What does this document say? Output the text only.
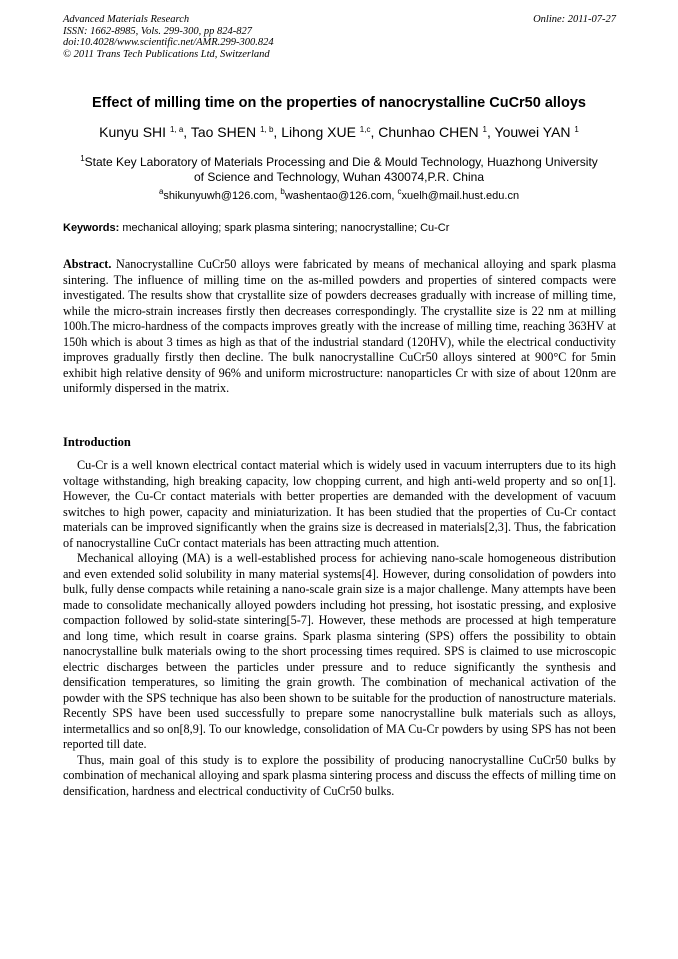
Advanced Materials Research
ISSN: 1662-8985, Vols. 299-300, pp 824-827
doi:10.4028/www.scientific.net/AMR.299-300.824
© 2011 Trans Tech Publications Ltd, Switzerland
Online: 2011-07-27
Effect of milling time on the properties of nanocrystalline CuCr50 alloys
Kunyu SHI $^{1, a}$, Tao SHEN $^{1, b}$, Lihong XUE $^{1,c}$, Chunhao CHEN $^1$, Youwei YAN $^1$
$^1$State Key Laboratory of Materials Processing and Die & Mould Technology, Huazhong University
of Science and Technology, Wuhan 430074,P.R. China
$^a$shikunyuwh@126.com, $^b$washentao@126.com, $^c$xuelh@mail.hust.edu.cn
Keywords: mechanical alloying; spark plasma sintering; nanocrystalline; Cu-Cr

Abstract. Nanocrystalline CuCr50 alloys were fabricated by means of mechanical alloying and spark plasma sintering. The influence of milling time on the as-milled powders and properties of sintered compacts were investigated. The results show that crystallite size of powders decreases gradually with increase of milling time, while the micro-strain increases firstly then decreases correspondingly. The crystallite size is 22 nm at milling 100h.The micro-hardness of the compacts improves greatly with the increase of milling time, reaching 363HV at 150h which is about 3 times as high as that of the industrial standard (120HV), while the electrical conductivity improves gradually firstly then decline. The bulk nanocrystalline CuCr50 alloys sintered at 900°C for 5min exhibit high relative density of 96% and uniform microstructure: nanoparticles Cr with size of about 120nm are uniformly dispersed in the matrix.

Introduction

Cu-Cr is a well known electrical contact material which is widely used in vacuum interrupters due to its high voltage withstanding, high breaking capacity, low chopping current, and high anti-weld property and so on[1]. However, the Cu-Cr contact materials with better properties are demanded with the development of vacuum switches to high power, capacity and miniaturization. It has been studied that the properties of Cu-Cr contact materials can be improved significantly when the grains size is decreased in materials[2,3]. Thus, the fabrication of nanocrystalline CuCr contact materials has been attracting much attention.

Mechanical alloying (MA) is a well-established process for achieving nano-scale homogeneous distribution and even extended solid solubility in many material systems[4]. However, during consolidation of powders into bulk, fully dense compacts while retaining a nano-scale grain size is a major challenge. Many attempts have been made to consolidate mechanically alloyed powders including hot pressing, hot isostatic pressing, and explosive compaction followed by solid-state sintering[5-7]. However, these methods are processed at high temperature and long time, which result in coarse grains. Spark plasma sintering (SPS) offers the possibility to obtain nanocrystalline bulk materials owing to the short processing times required. SPS is claimed to use microscopic electric discharges between the particles under pressure and to reduce significantly the synthesis and densification temperatures, so limiting the grain growth. The combination of mechanical activation of the powder with the SPS technique has also been shown to be suitable for the production of nanostructure materials. Recently SPS have been used successfully to prepare some nanocrystalline bulk materials such as alloys, intermetallics and so on[8,9]. To our knowledge, consolidation of MA Cu-Cr powders by using SPS has not been reported till date.

Thus, main goal of this study is to explore the possibility of producing nanocrystalline CuCr50 bulks by combination of mechanical alloying and spark plasma sintering process and discuss the effects of milling time on densification, hardness and electrical conductivity of CuCr50 bulks.
